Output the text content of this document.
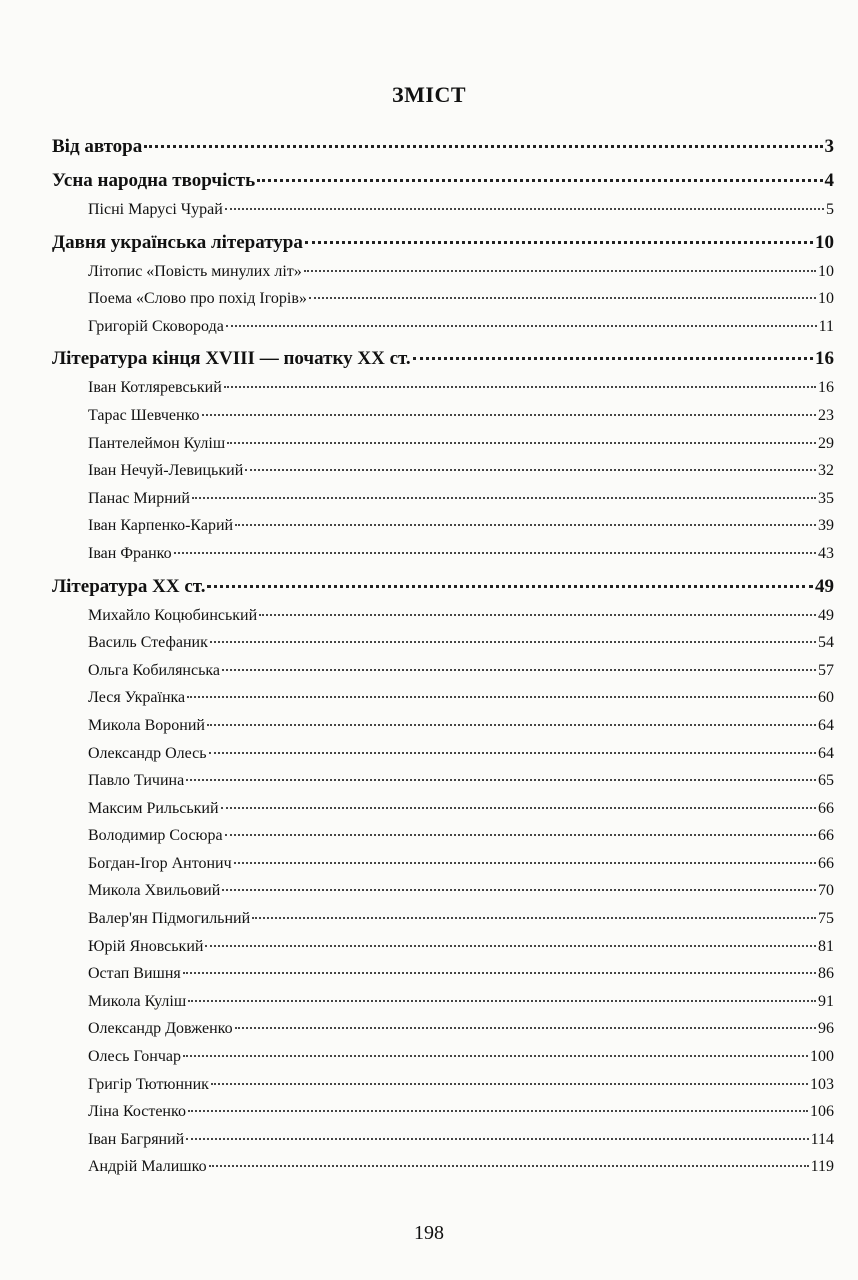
ЗМІСТ
Від автора	3
Усна народна творчість	4
Пісні Марусі Чурай	5
Давня українська література	10
Літопис «Повість минулих літ»	10
Поема «Слово про похід Ігорів»	10
Григорій Сковорода	11
Література кінця XVIII — початку XX ст.	16
Іван Котляревський	16
Тарас Шевченко	23
Пантелеймон Куліш	29
Іван Нечуй-Левицький	32
Панас Мирний	35
Іван Карпенко-Карий	39
Іван Франко	43
Література XX ст.	49
Михайло Коцюбинський	49
Василь Стефаник	54
Ольга Кобилянська	57
Леся Українка	60
Микола Вороний	64
Олександр Олесь	64
Павло Тичина	65
Максим Рильський	66
Володимир Сосюра	66
Богдан-Ігор Антонич	66
Микола Хвильовий	70
Валер'ян Підмогильний	75
Юрій Яновський	81
Остап Вишня	86
Микола Куліш	91
Олександр Довженко	96
Олесь Гончар	100
Григір Тютюнник	103
Ліна Костенко	106
Іван Багряний	114
Андрій Малишко	119
198
